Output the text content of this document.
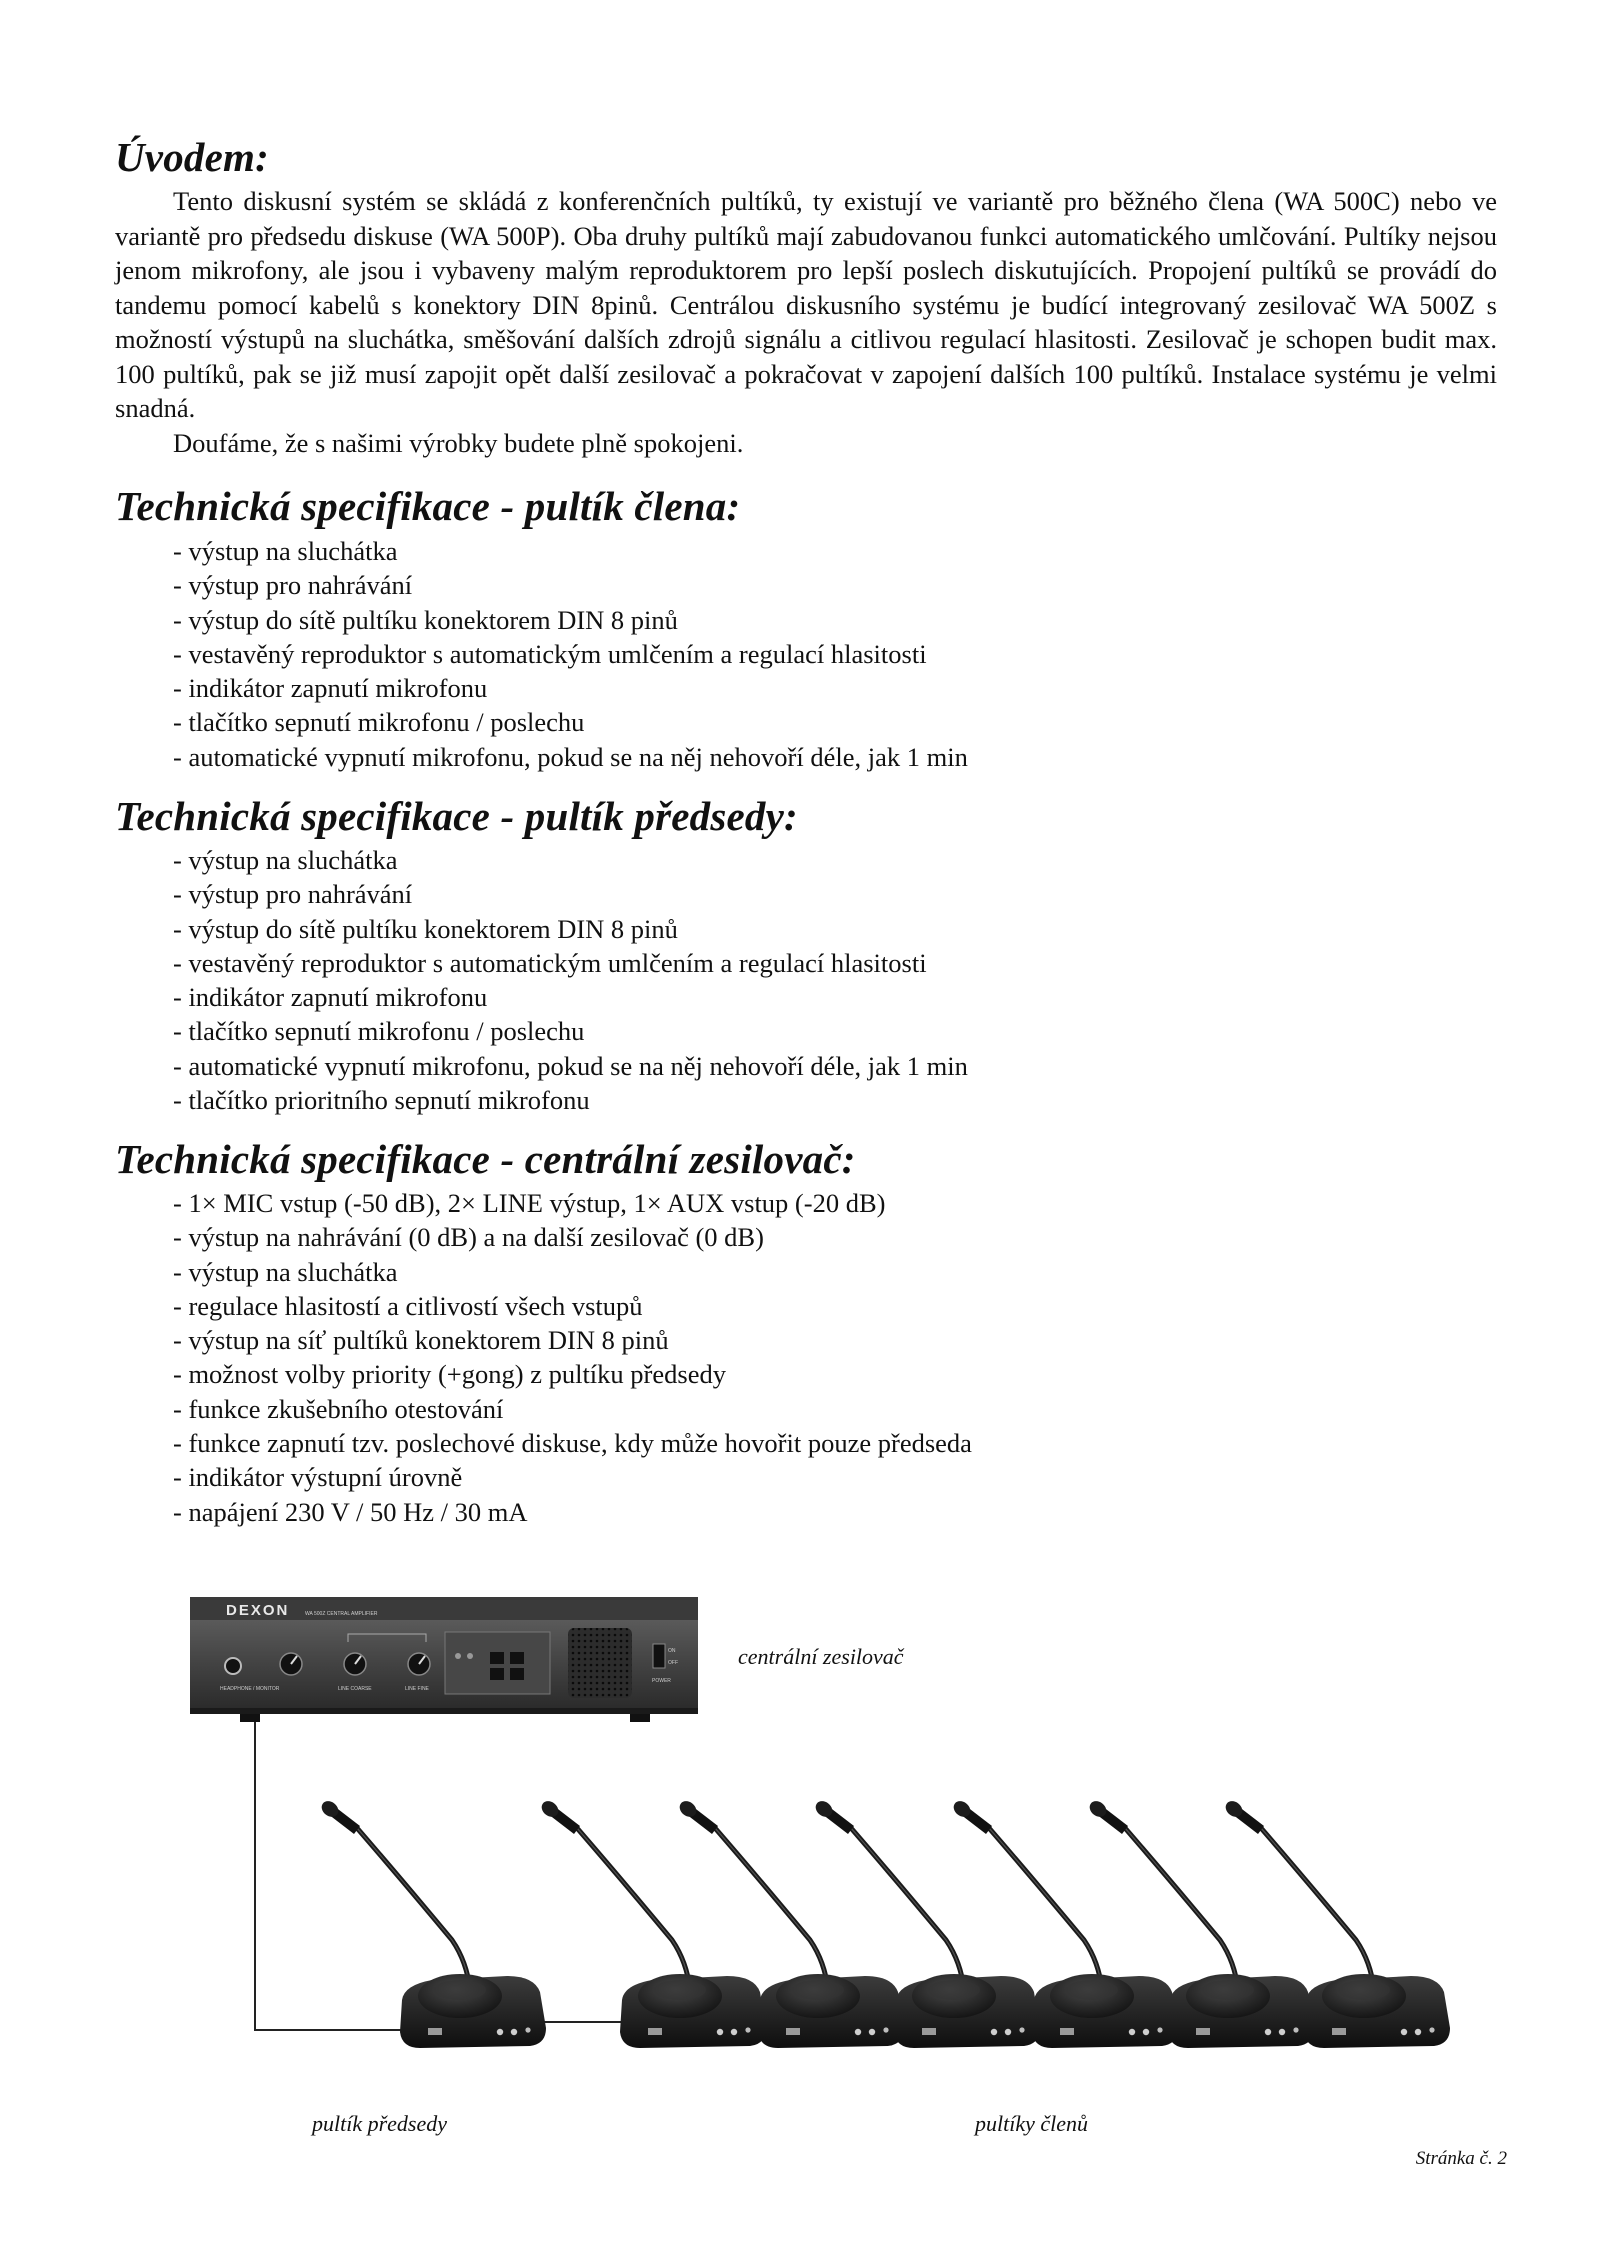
Úvodem:

Tento diskusní systém se skládá z konferenčních pultíků, ty existují ve variantě pro běžného člena (WA 500C) nebo ve variantě pro předsedu diskuse (WA 500P). Oba druhy pultíků mají zabudovanou funkci automatického umlčování. Pultíky nejsou jenom mikrofony, ale jsou i vybaveny malým reproduktorem pro lepší poslech diskutujících. Propojení pultíků se provádí do tandemu pomocí kabelů s konektory DIN 8pinů. Centrálou diskusního systému je budící integrovaný zesilovač WA 500Z s možností výstupů na sluchátka, směšování dalších zdrojů signálu a citlivou regulací hlasitosti. Zesilovač je schopen budit max. 100 pultíků, pak se již musí zapojit opět další zesilovač a pokračovat v zapojení dalších 100 pultíků. Instalace systému je velmi snadná.

Doufáme, že s našimi výrobky budete plně spokojeni.

Technická specifikace - pultík člena:
- výstup na sluchátka
- výstup pro nahrávání
- výstup do sítě pultíku konektorem DIN 8 pinů
- vestavěný reproduktor s automatickým umlčením a regulací hlasitosti
- indikátor zapnutí mikrofonu
- tlačítko sepnutí mikrofonu / poslechu
- automatické vypnutí mikrofonu, pokud se na něj nehovoří déle, jak 1 min
Technická specifikace - pultík předsedy:
- výstup na sluchátka
- výstup pro nahrávání
- výstup do sítě pultíku konektorem DIN 8 pinů
- vestavěný reproduktor s automatickým umlčením a regulací hlasitosti
- indikátor zapnutí mikrofonu
- tlačítko sepnutí mikrofonu / poslechu
- automatické vypnutí mikrofonu, pokud se na něj nehovoří déle, jak 1 min
- tlačítko prioritního sepnutí mikrofonu
Technická specifikace - centrální zesilovač:
- 1× MIC vstup (-50 dB), 2× LINE výstup, 1× AUX vstup (-20 dB)
- výstup na nahrávání (0 dB) a na další zesilovač (0 dB)
- výstup na sluchátka
- regulace hlasitostí a citlivostí všech vstupů
- výstup na síť pultíků konektorem DIN 8 pinů
- možnost volby priority (+gong) z pultíku předsedy
- funkce zkušebního otestování
- funkce zapnutí tzv. poslechové diskuse, kdy může hovořit pouze předseda
- indikátor výstupní úrovně
- napájení 230 V / 50 Hz / 30 mA
DEXON	WA 500Z CENTRAL AMPLIFIER
HEADPHONE / MONITOR	LINE COARSE	LINE FINE
ON
OFF
POWER
centrální zesilovač
pultík předsedy	pultíky členů
Stránka č. 2
